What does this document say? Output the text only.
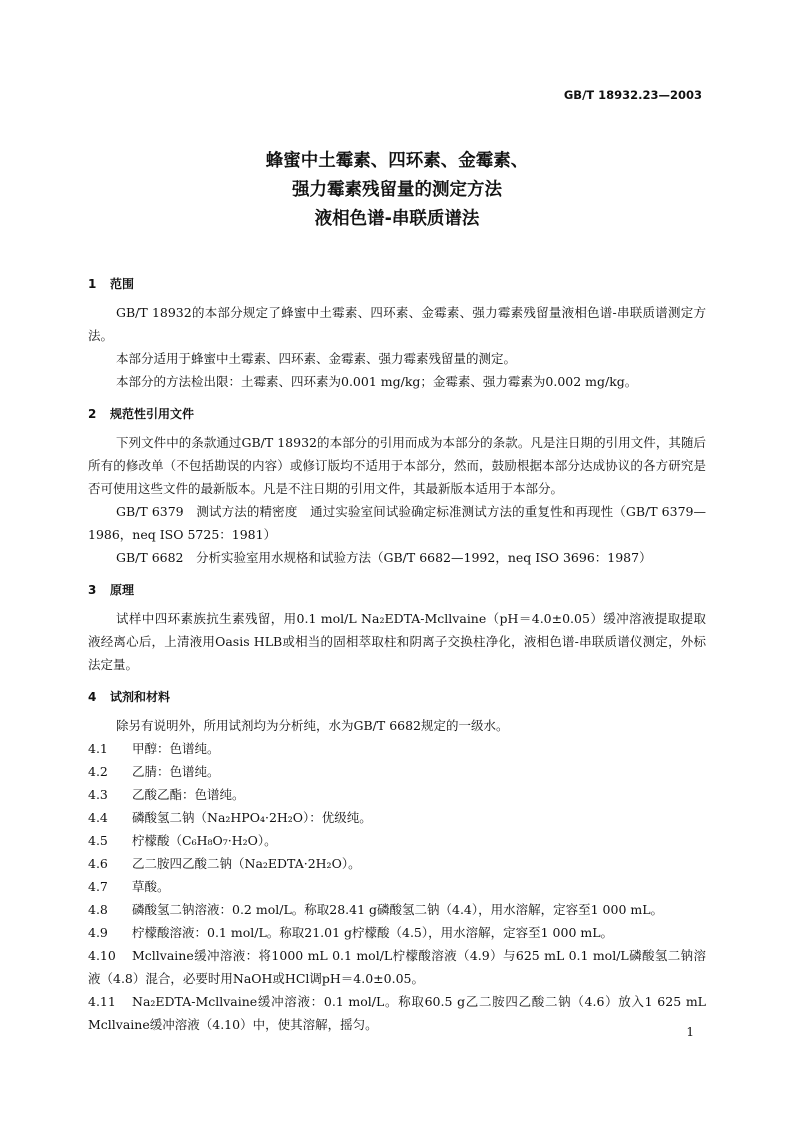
GB/T 18932.23—2003
蜂蜜中土霉素、四环素、金霉素、
强力霉素残留量的测定方法
液相色谱-串联质谱法
1 范围

GB/T 18932的本部分规定了蜂蜜中土霉素、四环素、金霉素、强力霉素残留量液相色谱-串联质谱测定方法。

本部分适用于蜂蜜中土霉素、四环素、金霉素、强力霉素残留量的测定。

本部分的方法检出限：土霉素、四环素为0.001 mg/kg；金霉素、强力霉素为0.002 mg/kg。

2 规范性引用文件

下列文件中的条款通过GB/T 18932的本部分的引用而成为本部分的条款。凡是注日期的引用文件，其随后所有的修改单（不包括勘误的内容）或修订版均不适用于本部分，然而，鼓励根据本部分达成协议的各方研究是否可使用这些文件的最新版本。凡是不注日期的引用文件，其最新版本适用于本部分。

GB/T 6379　测试方法的精密度　通过实验室间试验确定标准测试方法的重复性和再现性（GB/T 6379—1986，neq ISO 5725：1981）

GB/T 6682　分析实验室用水规格和试验方法（GB/T 6682—1992，neq ISO 3696：1987）

3 原理

试样中四环素族抗生素残留，用0.1 mol/L Na₂EDTA-Mcllvaine（pH＝4.0±0.05）缓冲溶液提取提取液经离心后，上清液用Oasis HLB或相当的固相萃取柱和阴离子交换柱净化，液相色谱-串联质谱仪测定，外标法定量。

4 试剂和材料

除另有说明外，所用试剂均为分析纯，水为GB/T 6682规定的一级水。

4.1 甲醇：色谱纯。

4.2 乙腈：色谱纯。

4.3 乙酸乙酯：色谱纯。

4.4 磷酸氢二钠（Na₂HPO₄·2H₂O）：优级纯。

4.5 柠檬酸（C₆H₈O₇·H₂O）。

4.6 乙二胺四乙酸二钠（Na₂EDTA·2H₂O）。

4.7 草酸。

4.8 磷酸氢二钠溶液：0.2 mol/L。称取28.41 g磷酸氢二钠（4.4），用水溶解，定容至1 000 mL。

4.9 柠檬酸溶液：0.1 mol/L。称取21.01 g柠檬酸（4.5），用水溶解，定容至1 000 mL。

4.10 Mcllvaine缓冲溶液：将1000 mL 0.1 mol/L柠檬酸溶液（4.9）与625 mL 0.1 mol/L磷酸氢二钠溶液（4.8）混合，必要时用NaOH或HCl调pH＝4.0±0.05。

4.11 Na₂EDTA-Mcllvaine缓冲溶液：0.1 mol/L。称取60.5 g乙二胺四乙酸二钠（4.6）放入1 625 mL Mcllvaine缓冲溶液（4.10）中，使其溶解，摇匀。	1
